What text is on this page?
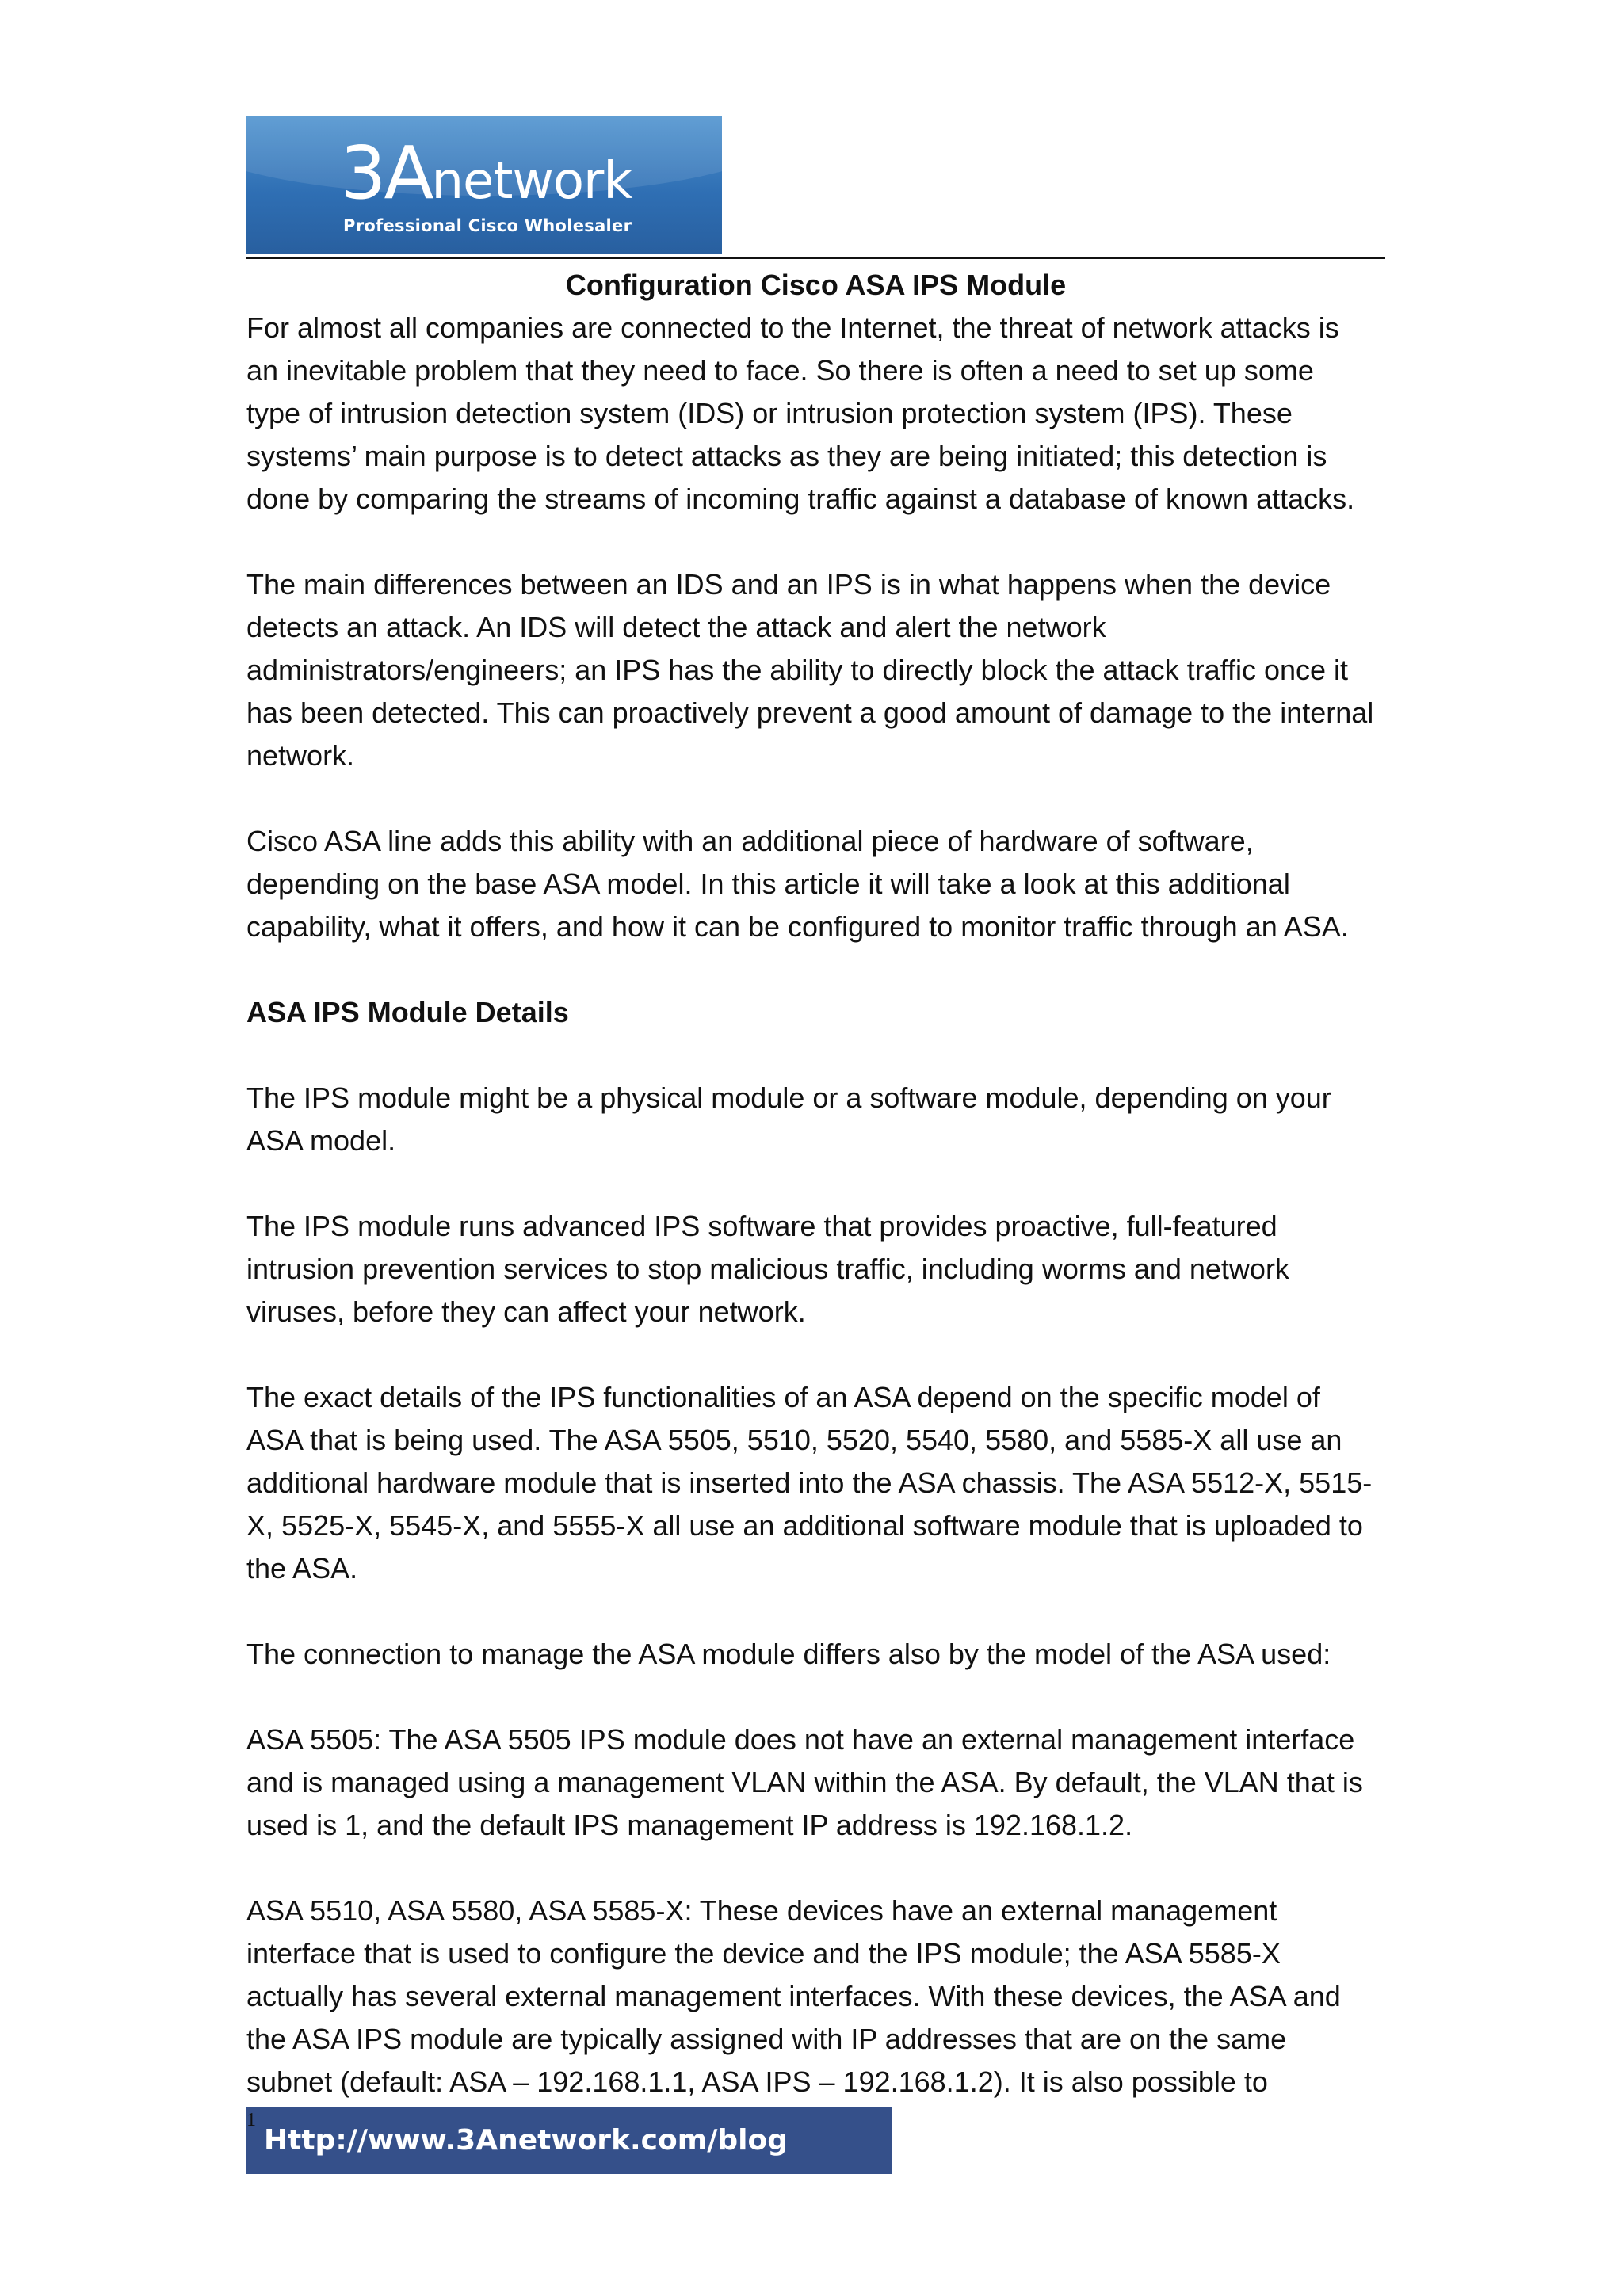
3Anetwork
Professional Cisco Wholesaler

Configuration Cisco ASA IPS Module

For almost all companies are connected to the Internet, the threat of network attacks is

an inevitable problem that they need to face. So there is often a need to set up some

type of intrusion detection system (IDS) or intrusion protection system (IPS). These

systems’ main purpose is to detect attacks as they are being initiated; this detection is

done by comparing the streams of incoming traffic against a database of known attacks.

The main differences between an IDS and an IPS is in what happens when the device

detects an attack. An IDS will detect the attack and alert the network

administrators/engineers; an IPS has the ability to directly block the attack traffic once it

has been detected. This can proactively prevent a good amount of damage to the internal

network.

Cisco ASA line adds this ability with an additional piece of hardware of software,

depending on the base ASA model. In this article it will take a look at this additional

capability, what it offers, and how it can be configured to monitor traffic through an ASA.

ASA IPS Module Details

The IPS module might be a physical module or a software module, depending on your

ASA model.

The IPS module runs advanced IPS software that provides proactive, full-featured

intrusion prevention services to stop malicious traffic, including worms and network

viruses, before they can affect your network.

The exact details of the IPS functionalities of an ASA depend on the specific model of

ASA that is being used. The ASA 5505, 5510, 5520, 5540, 5580, and 5585-X all use an

additional hardware module that is inserted into the ASA chassis. The ASA 5512-X, 5515-

X, 5525-X, 5545-X, and 5555-X all use an additional software module that is uploaded to

the ASA.

The connection to manage the ASA module differs also by the model of the ASA used:

ASA 5505: The ASA 5505 IPS module does not have an external management interface

and is managed using a management VLAN within the ASA. By default, the VLAN that is

used is 1, and the default IPS management IP address is 192.168.1.2.

ASA 5510, ASA 5580, ASA 5585-X: These devices have an external management

interface that is used to configure the device and the IPS module; the ASA 5585-X

actually has several external management interfaces. With these devices, the ASA and

the ASA IPS module are typically assigned with IP addresses that are on the same

subnet (default: ASA – 192.168.1.1, ASA IPS – 192.168.1.2). It is also possible to

Http://www.3Anetwork.com/blog
1
